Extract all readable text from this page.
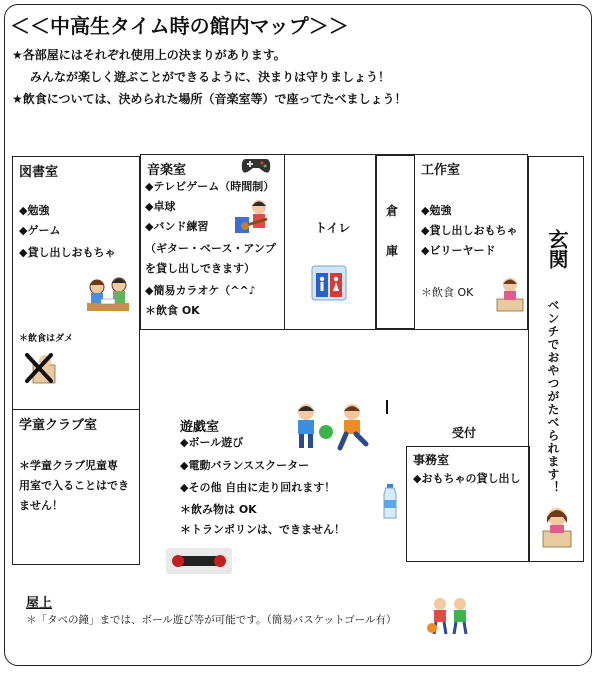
＜＜中高生タイム時の館内マップ＞＞
★各部屋にはそれぞれ使用上の決まりがあります。
みんなが楽しく遊ぶことができるように、決まりは守りましょう！
★飲食については、決められた場所（音楽室等）で座ってたべましょう！
図書室
◆勉強
◆ゲーム
◆貸し出しおもちゃ
＊飲食はダメ
音楽室
◆テレビゲーム（時間制）
◆卓球
◆バンド練習
（ギター・ベース・アンプ
を貸し出しできます）
◆簡易カラオケ（^^♪
＊飲食 OK
トイレ
倉
庫
工作室
◆勉強
◆貸し出しおもちゃ
◆ビリーヤード
＊飲食 OK
玄関
ベンチでおやつがたべられます！
学童クラブ室
＊学童クラブ児童専
用室で入ることはでき
ません！
遊戯室
◆ボール遊び
◆電動バランススクーター
◆その他 自由に走り回れます！
＊飲み物は OK
＊トランポリンは、できません！
受付
事務室
◆おもちゃの貸し出し
屋上
＊「タベの鐘」までは、ボール遊び等が可能です。（簡易バスケットゴール有）
